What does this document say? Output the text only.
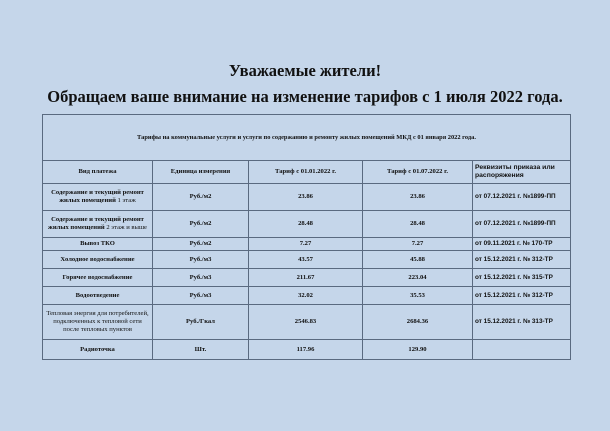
Уважаемые жители!
Обращаем ваше внимание на изменение тарифов с 1 июля 2022 года.
Тарифы на коммунальные услуги и услуги по содержанию и ремонту жилых помещений МКД с 01 января 2022 года.				
Вид платежа	Единица измерения	Тариф с 01.01.2022 г.	Тариф с 01.07.2022 г.	Реквизиты приказа или распоряжения
Содержание и текущий ремонт жилых помещений 1 этаж	Руб./м2	23.86	23.86	от 07.12.2021 г. №1899-ПП
Содержание и текущий ремонт жилых помещений 2 этаж и выше	Руб./м2	28.48	28.48	от 07.12.2021 г. №1899-ПП
Вывоз ТКО	Руб./м2	7.27	7.27	от 09.11.2021 г. № 170-ТР
Холодное водоснабжение	Руб./м3	43.57	45.88	от 15.12.2021 г. № 312-ТР
Горячее водоснабжение	Руб./м3	211.67	223.04	от 15.12.2021 г. № 315-ТР
Водоотведение	Руб./м3	32.02	35.53	от 15.12.2021 г. № 312-ТР
Тепловая энергия для потребителей, подключенных к тепловой сети после тепловых пунктов	Руб./Гкал	2546.83	2684.36	от 15.12.2021 г. № 313-ТР
Радиоточка	Шт.	117.96	129.90	
